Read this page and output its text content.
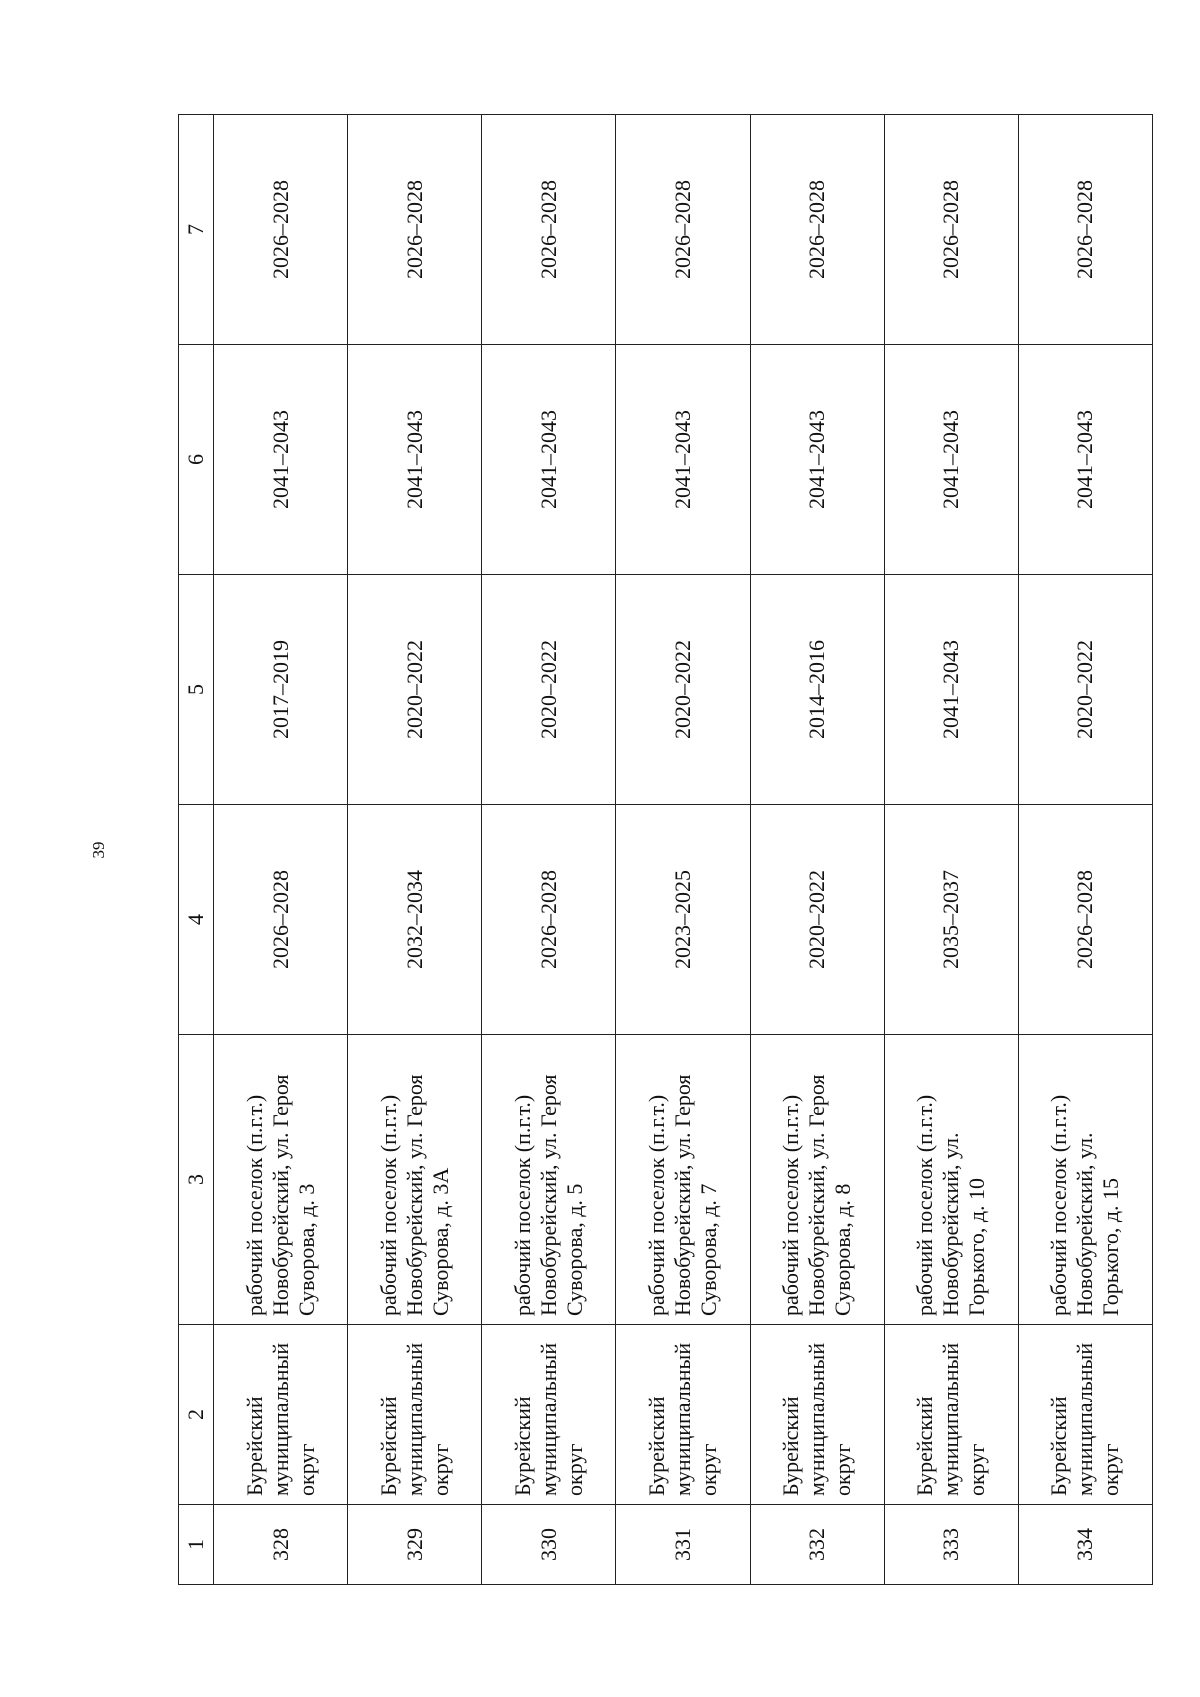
39
1	2	3	4	5	6	7
328	Бурейский муниципальный округ	рабочий поселок (п.г.т.) Новобурейский, ул. Героя Суворова, д. 3	2026–2028	2017–2019	2041–2043	2026–2028
329	Бурейский муниципальный округ	рабочий поселок (п.г.т.) Новобурейский, ул. Героя Суворова, д. 3А	2032–2034	2020–2022	2041–2043	2026–2028
330	Бурейский муниципальный округ	рабочий поселок (п.г.т.) Новобурейский, ул. Героя Суворова, д. 5	2026–2028	2020–2022	2041–2043	2026–2028
331	Бурейский муниципальный округ	рабочий поселок (п.г.т.) Новобурейский, ул. Героя Суворова, д. 7	2023–2025	2020–2022	2041–2043	2026–2028
332	Бурейский муниципальный округ	рабочий поселок (п.г.т.) Новобурейский, ул. Героя Суворова, д. 8	2020–2022	2014–2016	2041–2043	2026–2028
333	Бурейский муниципальный округ	рабочий поселок (п.г.т.) Новобурейский, ул. Горького, д. 10	2035–2037	2041–2043	2041–2043	2026–2028
334	Бурейский муниципальный округ	рабочий поселок (п.г.т.) Новобурейский, ул. Горького, д. 15	2026–2028	2020–2022	2041–2043	2026–2028
